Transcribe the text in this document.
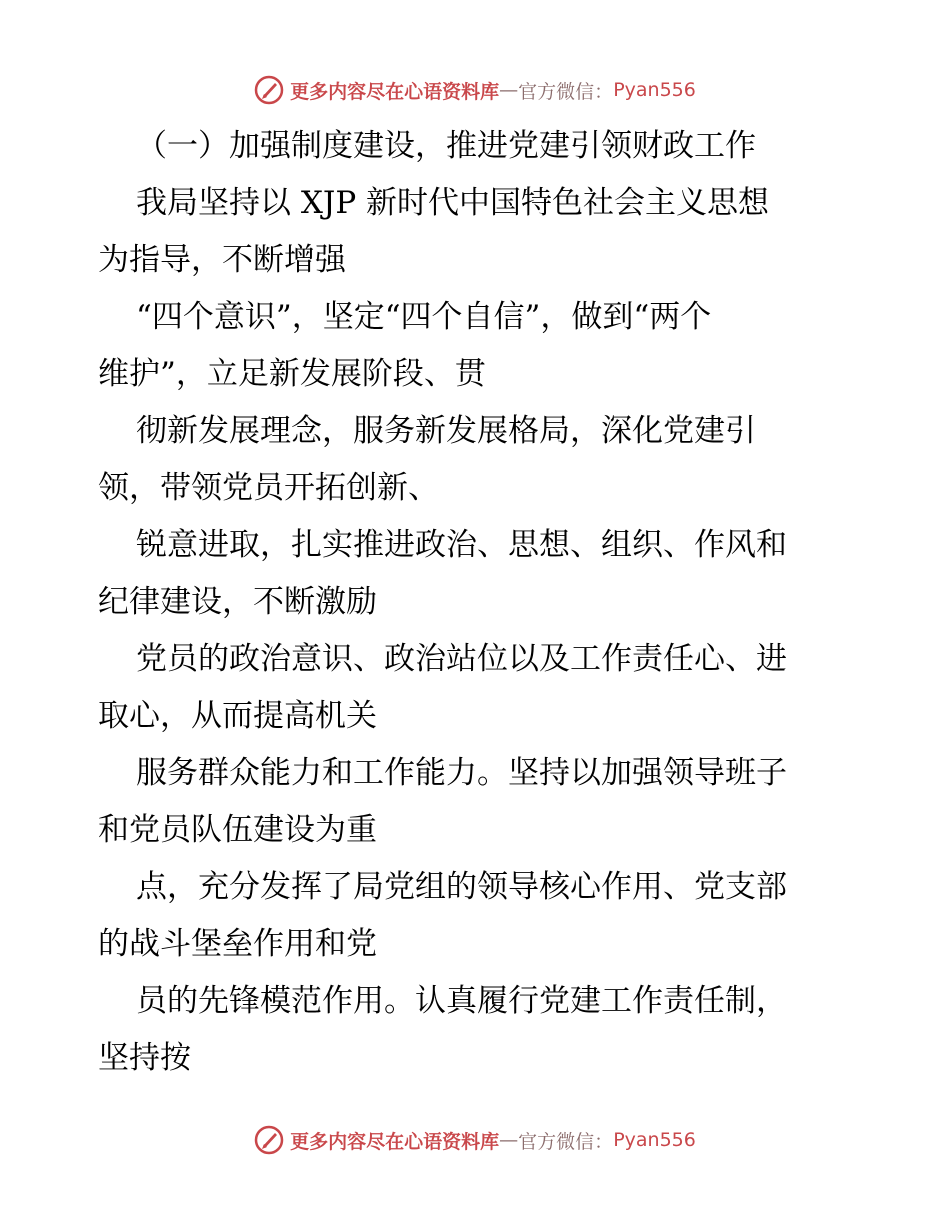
更多内容尽在心语资料库 — 官方微信： Pyan556
（一）加强制度建设，推进党建引领财政工作
我局坚持以 XJP 新时代中国特色社会主义思想
为指导，不断增强
“四个意识”，坚定“四个自信”，做到“两个
维护”，立足新发展阶段、贯
彻新发展理念，服务新发展格局，深化党建引
领，带领党员开拓创新、
锐意进取，扎实推进政治、思想、组织、作风和
纪律建设，不断激励
党员的政治意识、政治站位以及工作责任心、进
取心，从而提高机关
服务群众能力和工作能力。坚持以加强领导班子
和党员队伍建设为重
点，充分发挥了局党组的领导核心作用、党支部
的战斗堡垒作用和党
员的先锋模范作用。认真履行党建工作责任制，
坚持按
更多内容尽在心语资料库 — 官方微信： Pyan556
